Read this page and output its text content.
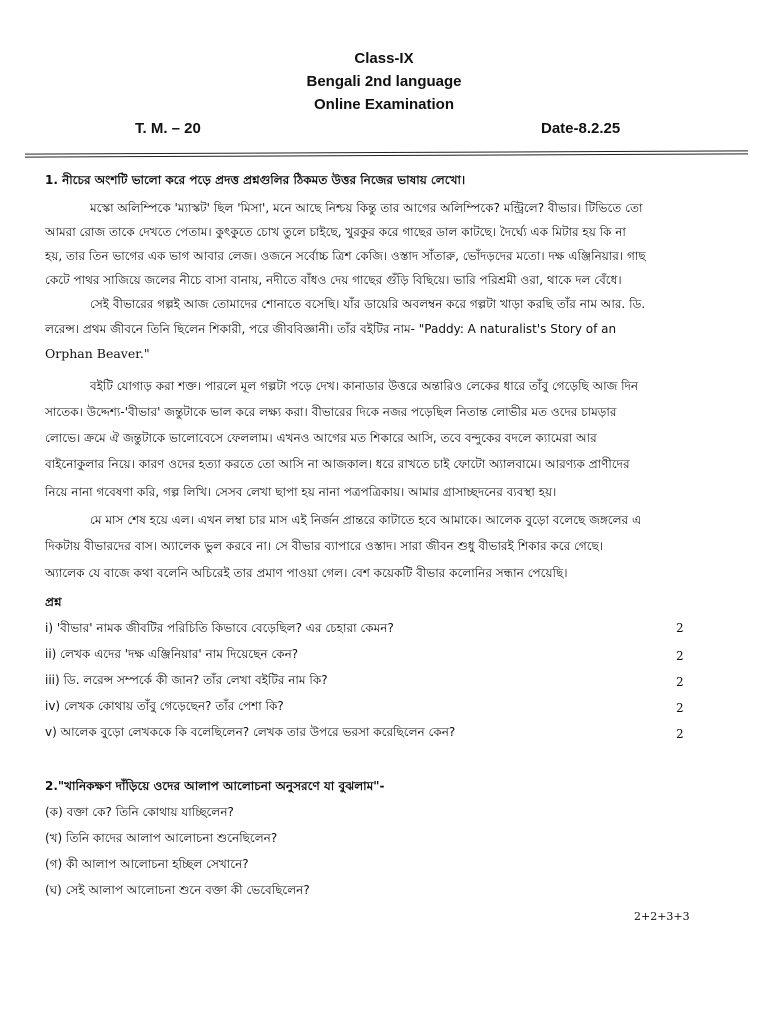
Class-IX
Bengali 2nd language
Online Examination
T. M. – 20	Date-8.2.25
1. নীচের অংশটি ভালো করে পড়ে প্রদত্ত প্রশ্নগুলির ঠিকমত উত্তর নিজের ভাষায় লেখো।
মস্কো অলিম্পিকে 'ম্যাস্কট' ছিল 'মিসা', মনে আছে নিশ্চয় কিন্তু তার আগের অলিম্পিকে? মন্ট্রিলে? বীভার। টিভিতে তো
আমরা রোজ তাকে দেখতে পেতাম। কুৎকুতে চোখ তুলে চাইছে, খুরকুর করে গাছের ডাল কাটছে। দৈর্ঘ্যে এক মিটার হয় কি না
হয়, তার তিন ভাগের এক ভাগ আবার লেজ। ওজনে সর্বোচ্চ ত্রিশ কেজি। ওস্তাদ সাঁতারু, ভোঁদড়দের মতো। দক্ষ এঞ্জিনিয়ার। গাছ
কেটে পাথর সাজিয়ে জলের নীচে বাসা বানায়, নদীতে বাঁধও দেয় গাছের গুঁড়ি বিছিয়ে। ভারি পরিশ্রমী ওরা, থাকে দল বেঁধে।
সেই বীভারের গল্পই আজ তোমাদের শোনাতে বসেছি। যাঁর ডায়েরি অবলম্বন করে গল্পটা খাড়া করছি তাঁর নাম আর. ডি.
লরেন্স। প্রথম জীবনে তিনি ছিলেন শিকারী, পরে জীববিজ্ঞানী। তাঁর বইটির নাম- "Paddy: A naturalist's Story of an
Orphan Beaver."
বইটি যোগাড় করা শক্ত। পারলে মূল গল্পটা পড়ে দেখ। কানাডার উত্তরে অন্তারিও লেকের ধারে তাঁবু গেড়েছি আজ দিন
সাতেক। উদ্দেশ্য-'বীভার' জন্তুটাকে ভাল করে লক্ষ্য করা। বীভারের দিকে নজর পড়েছিল নিতান্ত লোভীর মত ওদের চামড়ার
লোভে। ক্রমে ঐ জন্তুটাকে ভালোবেসে ফেললাম। এখনও আগের মত শিকারে আসি, তবে বন্দুকের বদলে ক্যামেরা আর
বাইনোকুলার নিয়ে। কারণ ওদের হত্যা করতে তো আসি না আজকাল। ধরে রাখতে চাই ফোটো অ্যালবামে। আরণ্যক প্রাণীদের
নিয়ে নানা গবেষণা করি, গল্প লিখি। সেসব লেখা ছাপা হয় নানা পত্রপত্রিকায়। আমার গ্রাসাচ্ছদনের ব্যবস্থা হয়।
মে মাস শেষ হয়ে এল। এখন লম্বা চার মাস এই নির্জন প্রান্তরে কাটাতে হবে আমাকে। আলেক বুড়ো বলেছে জঙ্গলের এ
দিকটায় বীভারদের বাস। অ্যালেক ভুল করবে না। সে বীভার ব্যাপারে ওস্তাদ। সারা জীবন শুধু বীভারই শিকার করে গেছে।
অ্যালেক যে বাজে কথা বলেনি অচিরেই তার প্রমাণ পাওয়া গেল। বেশ কয়েকটি বীভার কলোনির সন্ধান পেয়েছি।
প্রশ্ন
i) 'বীভার' নামক জীবটির পরিচিতি কিভাবে বেড়েছিল? এর চেহারা কেমন?	2
ii) লেখক এদের 'দক্ষ এঞ্জিনিয়ার' নাম দিয়েছেন কেন?	2
iii) ডি. লরেন্স সম্পর্কে কী জান? তাঁর লেখা বইটির নাম কি?	2
iv) লেখক কোথায় তাঁবু গেড়েছেন? তাঁর পেশা কি?	2
v) আলেক বুড়ো লেখককে কি বলেছিলেন? লেখক তার উপরে ভরসা করেছিলেন কেন?	2
2."খানিকক্ষণ দাঁড়িয়ে ওদের আলাপ আলোচনা অনুসরণে যা বুঝলাম"-
(ক) বক্তা কে? তিনি কোথায় যাচ্ছিলেন?
(খ) তিনি কাদের আলাপ আলোচনা শুনেছিলেন?
(গ) কী আলাপ আলোচনা হচ্ছিল সেখানে?
(ঘ) সেই আলাপ আলোচনা শুনে বক্তা কী ভেবেছিলেন?
2+2+3+3
